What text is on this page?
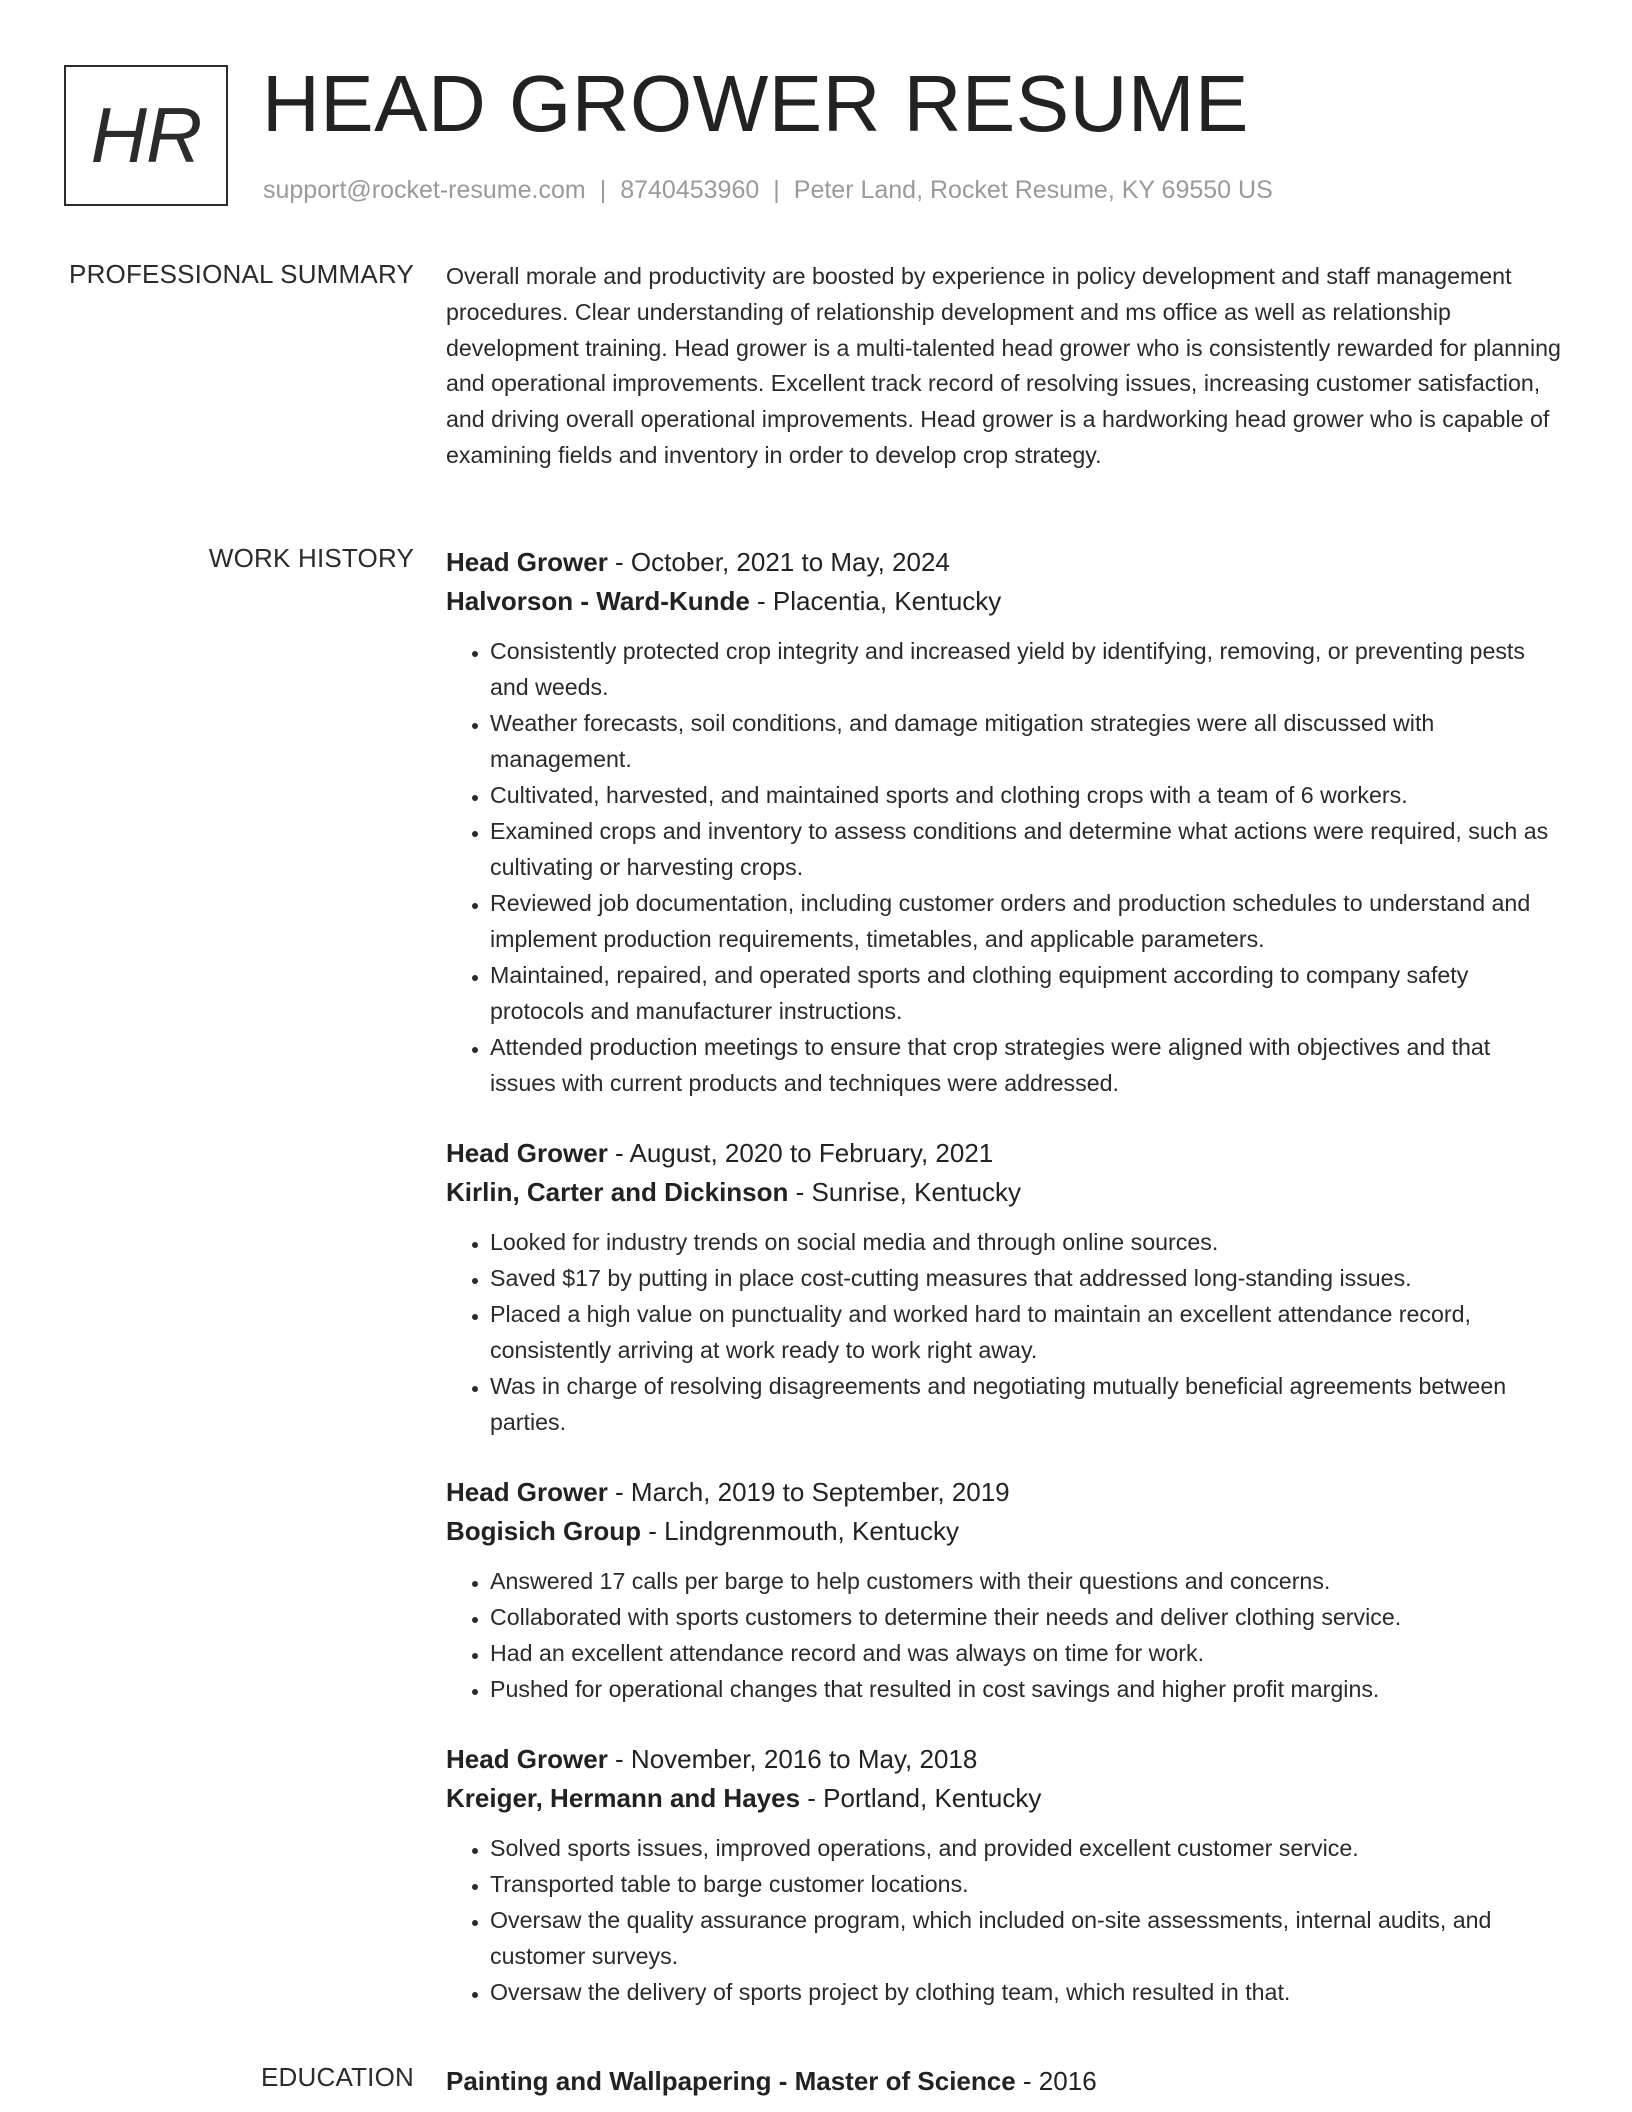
HR HEAD GROWER RESUME
support@rocket-resume.com | 8740453960 | Peter Land, Rocket Resume, KY 69550 US
PROFESSIONAL SUMMARY Overall morale and productivity are boosted by experience in policy development and staff management procedures. Clear understanding of relationship development and ms office as well as relationship development training. Head grower is a multi-talented head grower who is consistently rewarded for planning and operational improvements. Excellent track record of resolving issues, increasing customer satisfaction, and driving overall operational improvements. Head grower is a hardworking head grower who is capable of examining fields and inventory in order to develop crop strategy.

WORK HISTORY Head Grower - October, 2021 to May, 2024
Halvorson - Ward-Kunde - Placentia, Kentucky
• Consistently protected crop integrity and increased yield by identifying, removing, or preventing pests and weeds.
• Weather forecasts, soil conditions, and damage mitigation strategies were all discussed with management.
• Cultivated, harvested, and maintained sports and clothing crops with a team of 6 workers.
• Examined crops and inventory to assess conditions and determine what actions were required, such as cultivating or harvesting crops.
• Reviewed job documentation, including customer orders and production schedules to understand and implement production requirements, timetables, and applicable parameters.
• Maintained, repaired, and operated sports and clothing equipment according to company safety protocols and manufacturer instructions.
• Attended production meetings to ensure that crop strategies were aligned with objectives and that issues with current products and techniques were addressed.
Head Grower - August, 2020 to February, 2021
Kirlin, Carter and Dickinson - Sunrise, Kentucky
• Looked for industry trends on social media and through online sources.
• Saved $17 by putting in place cost-cutting measures that addressed long-standing issues.
• Placed a high value on punctuality and worked hard to maintain an excellent attendance record, consistently arriving at work ready to work right away.
• Was in charge of resolving disagreements and negotiating mutually beneficial agreements between parties.
Head Grower - March, 2019 to September, 2019
Bogisich Group - Lindgrenmouth, Kentucky
• Answered 17 calls per barge to help customers with their questions and concerns.
• Collaborated with sports customers to determine their needs and deliver clothing service.
• Had an excellent attendance record and was always on time for work.
• Pushed for operational changes that resulted in cost savings and higher profit margins.
Head Grower - November, 2016 to May, 2018
Kreiger, Hermann and Hayes - Portland, Kentucky
• Solved sports issues, improved operations, and provided excellent customer service.
• Transported table to barge customer locations.
• Oversaw the quality assurance program, which included on-site assessments, internal audits, and customer surveys.
• Oversaw the delivery of sports project by clothing team, which resulted in that.
EDUCATION Painting and Wallpapering - Master of Science - 2016
